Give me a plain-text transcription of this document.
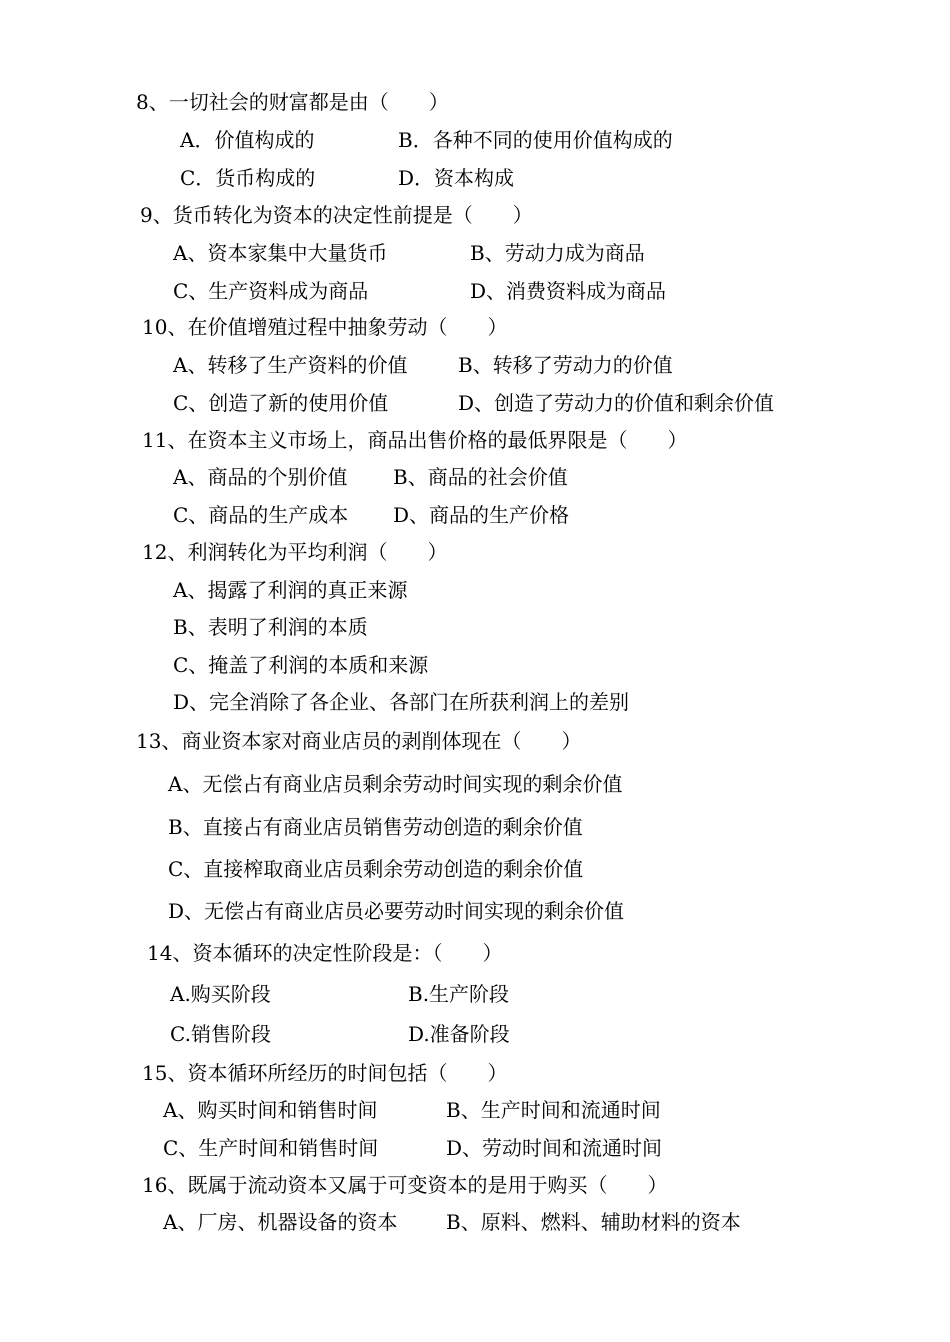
8、一切社会的财富都是由（　　）
A．价值构成的	B．各种不同的使用价值构成的
C．货币构成的	D．资本构成
9、货币转化为资本的决定性前提是（　　）
A、资本家集中大量货币	B、劳动力成为商品
C、生产资料成为商品	D、消费资料成为商品
10、在价值增殖过程中抽象劳动（　　）
A、转移了生产资料的价值	B、转移了劳动力的价值
C、创造了新的使用价值	D、创造了劳动力的价值和剩余价值
11、在资本主义市场上，商品出售价格的最低界限是（　　）
A、商品的个别价值 B、商品的社会价值
C、商品的生产成本 D、商品的生产价格
12、利润转化为平均利润（　　）
A、揭露了利润的真正来源
B、表明了利润的本质
C、掩盖了利润的本质和来源
D、完全消除了各企业、各部门在所获利润上的差别
13、商业资本家对商业店员的剥削体现在（　　）
A、无偿占有商业店员剩余劳动时间实现的剩余价值
B、直接占有商业店员销售劳动创造的剩余价值
C、直接榨取商业店员剩余劳动创造的剩余价值
D、无偿占有商业店员必要劳动时间实现的剩余价值
14、资本循环的决定性阶段是：（　　）
A.购买阶段	B.生产阶段
C.销售阶段	D.准备阶段
15、资本循环所经历的时间包括（　　）
A、购买时间和销售时间	B、生产时间和流通时间
C、生产时间和销售时间	D、劳动时间和流通时间
16、既属于流动资本又属于可变资本的是用于购买（　　）
A、厂房、机器设备的资本 B、原料、燃料、辅助材料的资本
